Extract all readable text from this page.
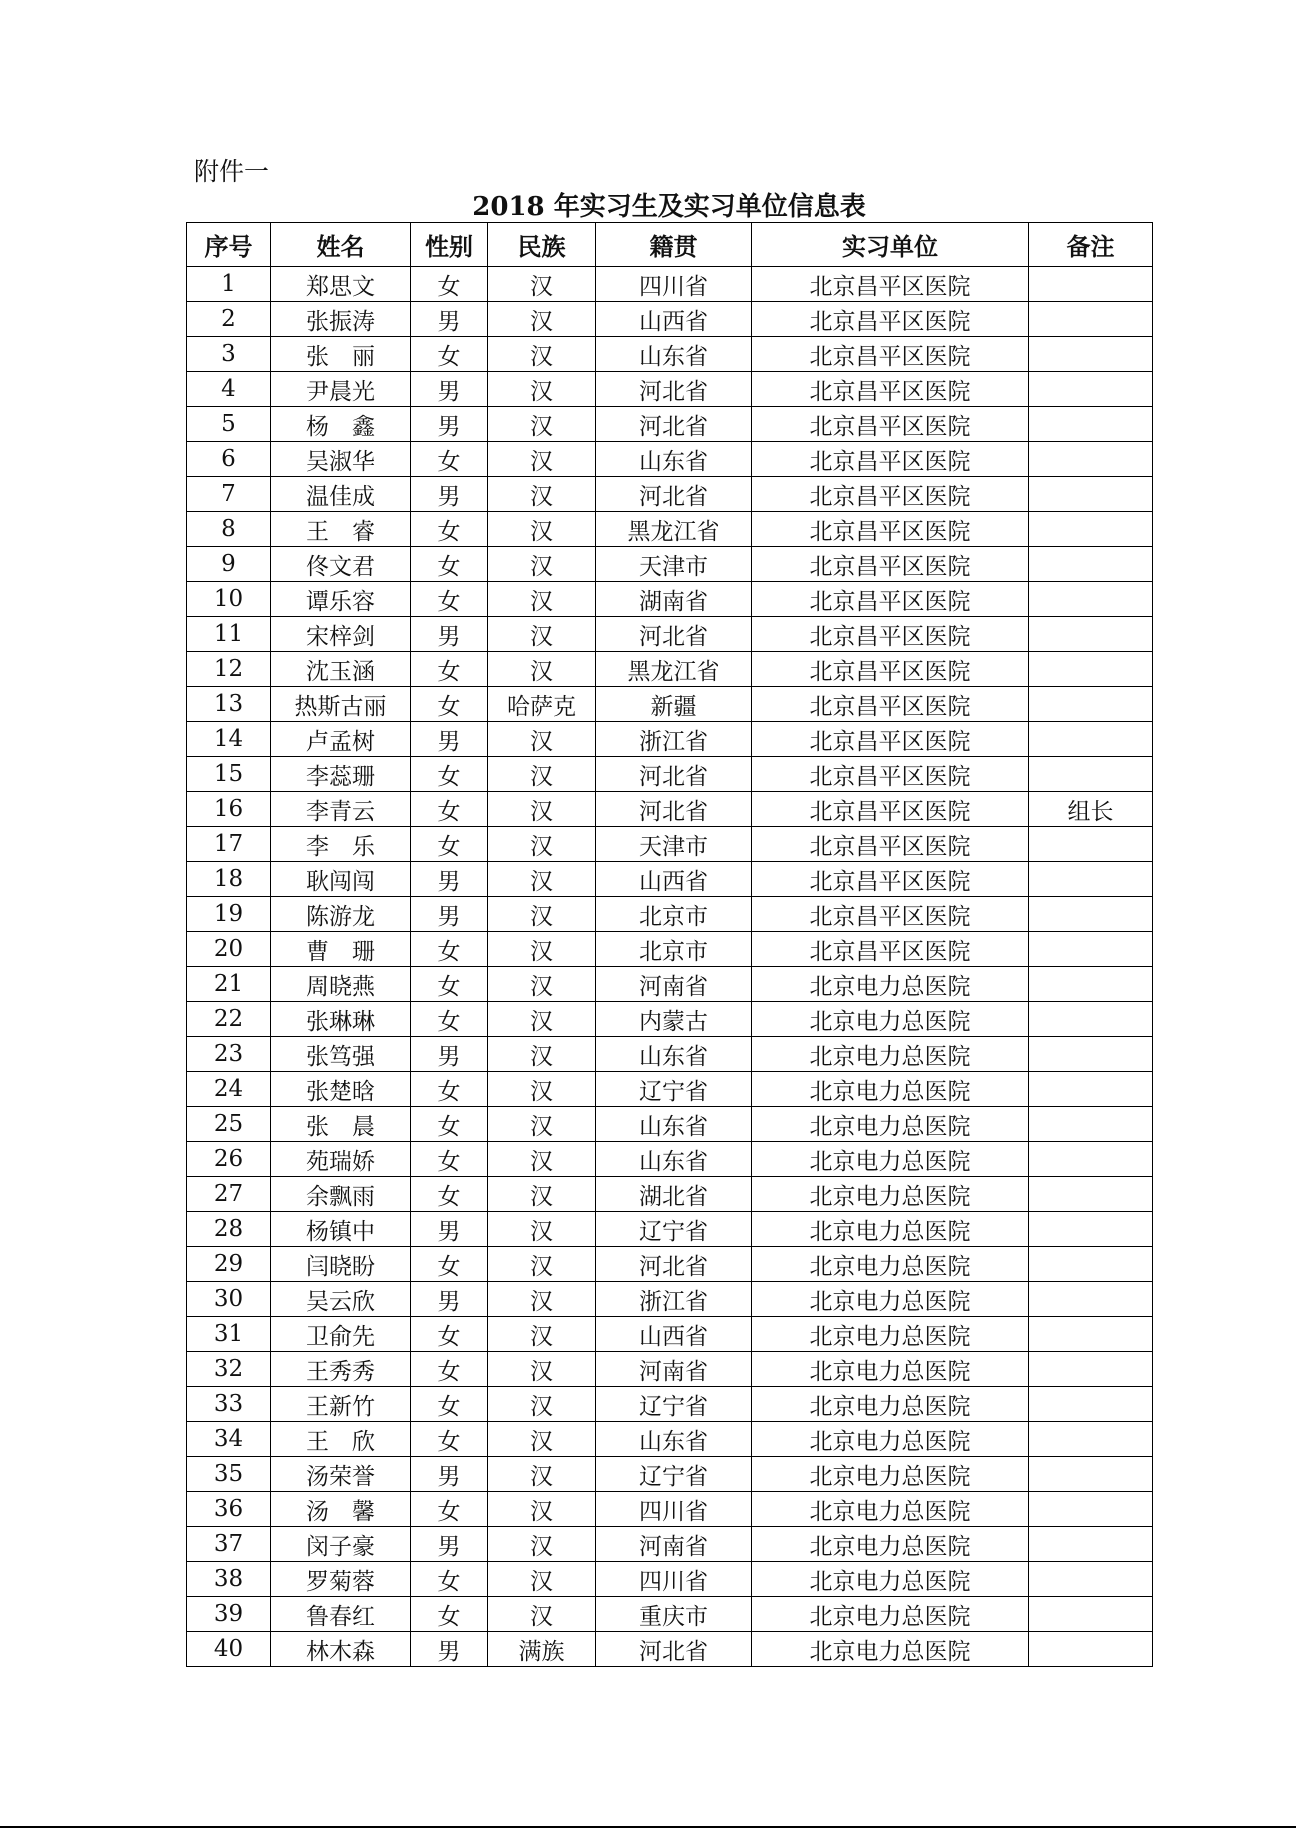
附件一
2018 年实习生及实习单位信息表
序号	姓名	性别	民族	籍贯	实习单位	备注
1	郑思文	女	汉	四川省	北京昌平区医院	
2	张振涛	男	汉	山西省	北京昌平区医院	
3	张　丽	女	汉	山东省	北京昌平区医院	
4	尹晨光	男	汉	河北省	北京昌平区医院	
5	杨　鑫	男	汉	河北省	北京昌平区医院	
6	吴淑华	女	汉	山东省	北京昌平区医院	
7	温佳成	男	汉	河北省	北京昌平区医院	
8	王　睿	女	汉	黑龙江省	北京昌平区医院	
9	佟文君	女	汉	天津市	北京昌平区医院	
10	谭乐容	女	汉	湖南省	北京昌平区医院	
11	宋梓剑	男	汉	河北省	北京昌平区医院	
12	沈玉涵	女	汉	黑龙江省	北京昌平区医院	
13	热斯古丽	女	哈萨克	新疆	北京昌平区医院	
14	卢孟树	男	汉	浙江省	北京昌平区医院	
15	李蕊珊	女	汉	河北省	北京昌平区医院	
16	李青云	女	汉	河北省	北京昌平区医院	组长
17	李　乐	女	汉	天津市	北京昌平区医院	
18	耿闯闯	男	汉	山西省	北京昌平区医院	
19	陈游龙	男	汉	北京市	北京昌平区医院	
20	曹　珊	女	汉	北京市	北京昌平区医院	
21	周晓燕	女	汉	河南省	北京电力总医院	
22	张琳琳	女	汉	内蒙古	北京电力总医院	
23	张笃强	男	汉	山东省	北京电力总医院	
24	张楚晗	女	汉	辽宁省	北京电力总医院	
25	张　晨	女	汉	山东省	北京电力总医院	
26	苑瑞娇	女	汉	山东省	北京电力总医院	
27	余飘雨	女	汉	湖北省	北京电力总医院	
28	杨镇中	男	汉	辽宁省	北京电力总医院	
29	闫晓盼	女	汉	河北省	北京电力总医院	
30	吴云欣	男	汉	浙江省	北京电力总医院	
31	卫俞先	女	汉	山西省	北京电力总医院	
32	王秀秀	女	汉	河南省	北京电力总医院	
33	王新竹	女	汉	辽宁省	北京电力总医院	
34	王　欣	女	汉	山东省	北京电力总医院	
35	汤荣誉	男	汉	辽宁省	北京电力总医院	
36	汤　馨	女	汉	四川省	北京电力总医院	
37	闵子豪	男	汉	河南省	北京电力总医院	
38	罗菊蓉	女	汉	四川省	北京电力总医院	
39	鲁春红	女	汉	重庆市	北京电力总医院	
40	林木森	男	满族	河北省	北京电力总医院	
